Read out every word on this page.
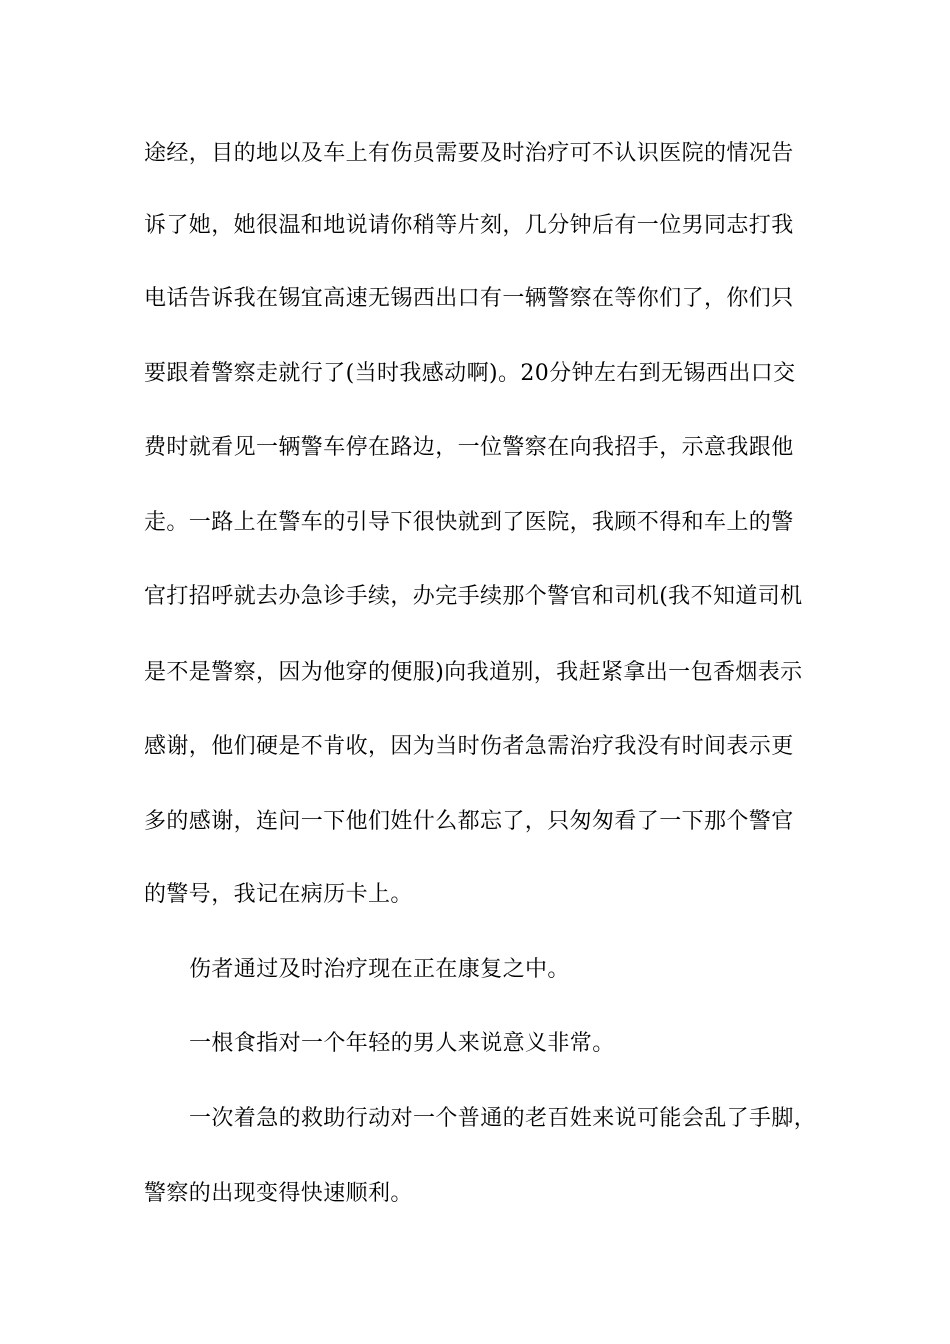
途经，目的地以及车上有伤员需要及时治疗可不认识医院的情况告
诉了她，她很温和地说请你稍等片刻，几分钟后有一位男同志打我
电话告诉我在锡宜高速无锡西出口有一辆警察在等你们了，你们只
要跟着警察走就行了(当时我感动啊)。20分钟左右到无锡西出口交
费时就看见一辆警车停在路边，一位警察在向我招手，示意我跟他
走。一路上在警车的引导下很快就到了医院，我顾不得和车上的警
官打招呼就去办急诊手续，办完手续那个警官和司机(我不知道司机
是不是警察，因为他穿的便服)向我道别，我赶紧拿出一包香烟表示
感谢，他们硬是不肯收，因为当时伤者急需治疗我没有时间表示更
多的感谢，连问一下他们姓什么都忘了，只匆匆看了一下那个警官
的警号，我记在病历卡上。
伤者通过及时治疗现在正在康复之中。
一根食指对一个年轻的男人来说意义非常。
一次着急的救助行动对一个普通的老百姓来说可能会乱了手脚，
警察的出现变得快速顺利。
